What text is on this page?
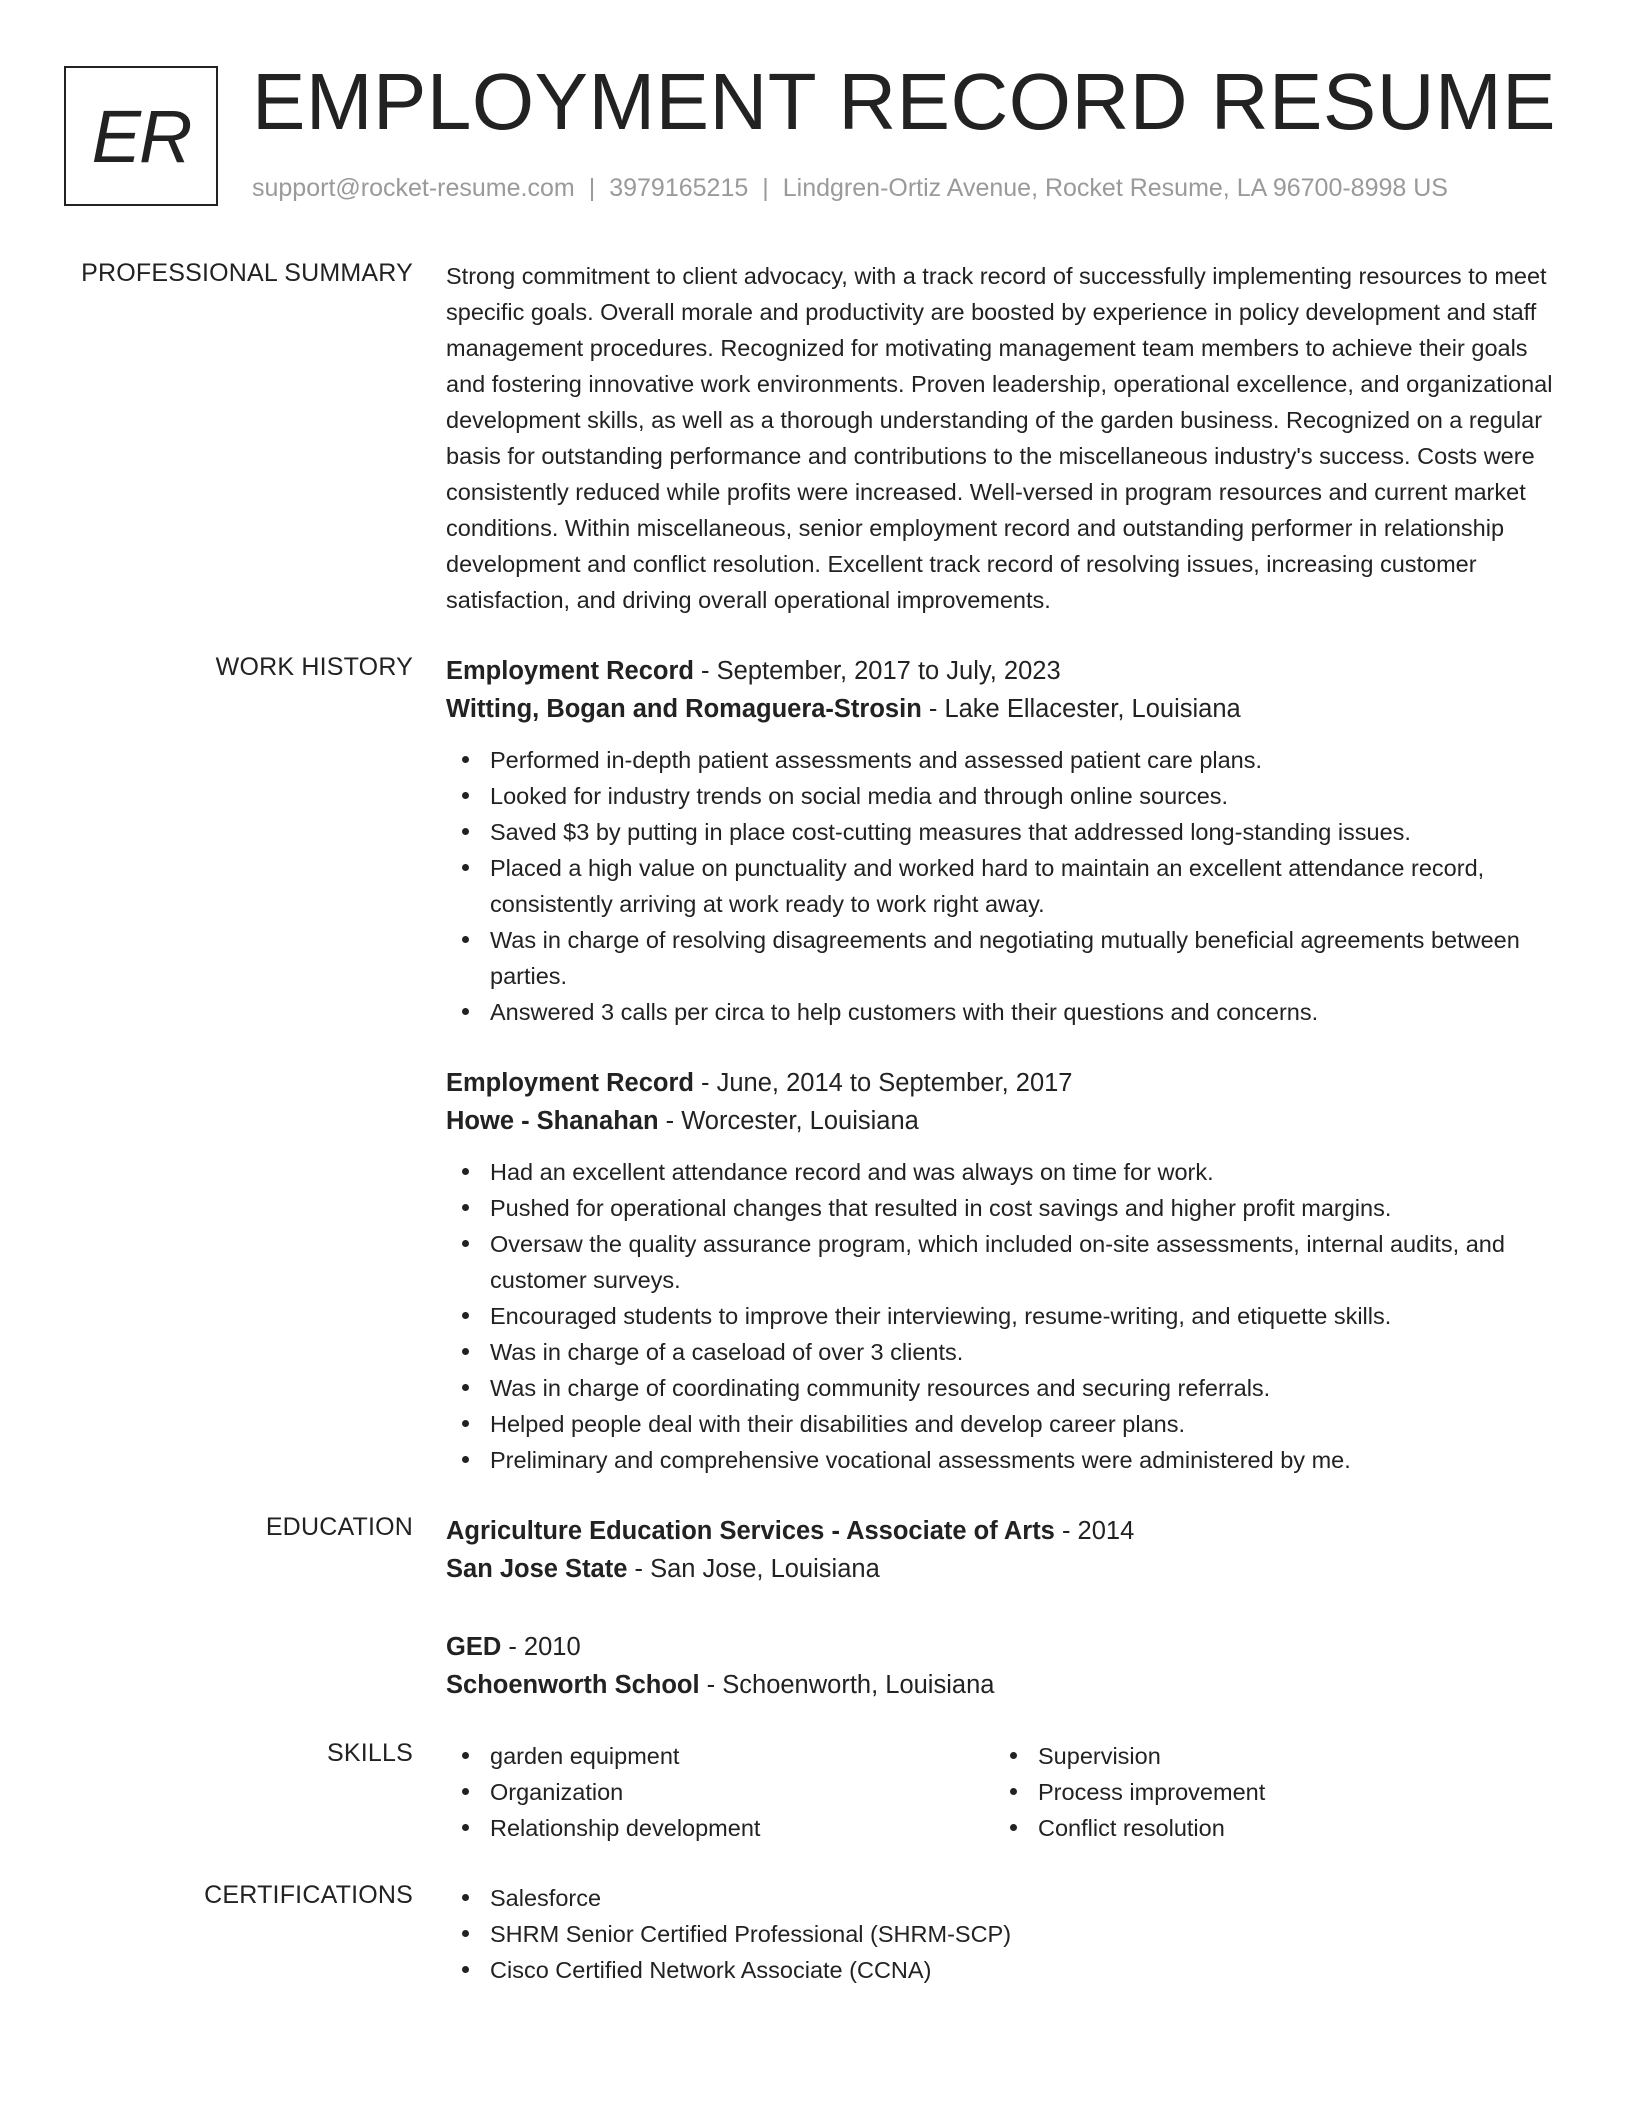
ER EMPLOYMENT RECORD RESUME
support@rocket-resume.com | 3979165215 | Lindgren-Ortiz Avenue, Rocket Resume, LA 96700-8998 US
PROFESSIONAL SUMMARY Strong commitment to client advocacy, with a track record of successfully implementing resources to meet specific goals. Overall morale and productivity are boosted by experience in policy development and staff management procedures. Recognized for motivating management team members to achieve their goals and fostering innovative work environments. Proven leadership, operational excellence, and organizational development skills, as well as a thorough understanding of the garden business. Recognized on a regular basis for outstanding performance and contributions to the miscellaneous industry's success. Costs were consistently reduced while profits were increased. Well-versed in program resources and current market conditions. Within miscellaneous, senior employment record and outstanding performer in relationship development and conflict resolution. Excellent track record of resolving issues, increasing customer satisfaction, and driving overall operational improvements.

WORK HISTORY Employment Record - September, 2017 to July, 2023
Witting, Bogan and Romaguera-Strosin - Lake Ellacester, Louisiana
Performed in-depth patient assessments and assessed patient care plans.
Looked for industry trends on social media and through online sources.
Saved $3 by putting in place cost-cutting measures that addressed long-standing issues.
Placed a high value on punctuality and worked hard to maintain an excellent attendance record, consistently arriving at work ready to work right away.
Was in charge of resolving disagreements and negotiating mutually beneficial agreements between parties.
Answered 3 calls per circa to help customers with their questions and concerns.
Employment Record - June, 2014 to September, 2017
Howe - Shanahan - Worcester, Louisiana
Had an excellent attendance record and was always on time for work.
Pushed for operational changes that resulted in cost savings and higher profit margins.
Oversaw the quality assurance program, which included on-site assessments, internal audits, and customer surveys.
Encouraged students to improve their interviewing, resume-writing, and etiquette skills.
Was in charge of a caseload of over 3 clients.
Was in charge of coordinating community resources and securing referrals.
Helped people deal with their disabilities and develop career plans.
Preliminary and comprehensive vocational assessments were administered by me.
EDUCATION Agriculture Education Services - Associate of Arts - 2014
San Jose State - San Jose, Louisiana
GED - 2010
Schoenworth School - Schoenworth, Louisiana
SKILLS	garden equipment
Organization
Relationship development
Supervision
Process improvement
Conflict resolution
CERTIFICATIONS	Salesforce
SHRM Senior Certified Professional (SHRM-SCP)
Cisco Certified Network Associate (CCNA)
